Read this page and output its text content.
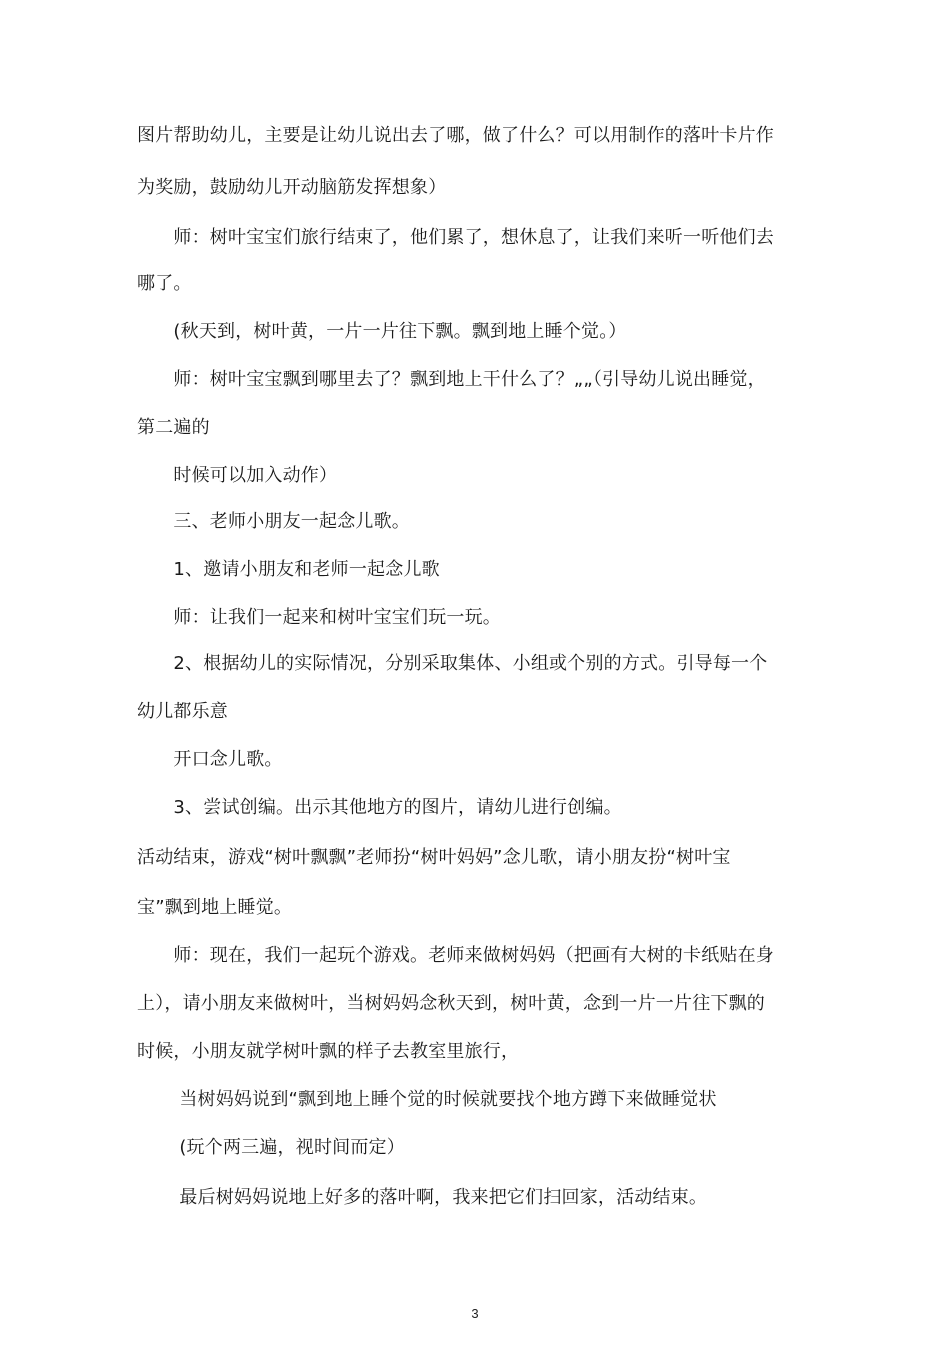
图片帮助幼儿，主要是让幼儿说出去了哪，做了什么？可以用制作的落叶卡片作
为奖励，鼓励幼儿开动脑筋发挥想象）
　　师：树叶宝宝们旅行结束了，他们累了，想休息了，让我们来听一听他们去
哪了。
　　(秋天到，树叶黄，一片一片往下飘。飘到地上睡个觉。）
　　师：树叶宝宝飘到哪里去了？飘到地上干什么了？„„（引导幼儿说出睡觉，
第二遍的
　　时候可以加入动作）
　　三、老师小朋友一起念儿歌。
　　1、邀请小朋友和老师一起念儿歌
　　师：让我们一起来和树叶宝宝们玩一玩。
　　2、根据幼儿的实际情况，分别采取集体、小组或个别的方式。引导每一个
幼儿都乐意
　　开口念儿歌。
　　3、尝试创编。出示其他地方的图片，请幼儿进行创编。
活动结束，游戏“树叶飘飘”老师扮“树叶妈妈”念儿歌，请小朋友扮“树叶宝
宝”飘到地上睡觉。
　　师：现在，我们一起玩个游戏。老师来做树妈妈（把画有大树的卡纸贴在身
上），请小朋友来做树叶，当树妈妈念秋天到，树叶黄，念到一片一片往下飘的
时候，小朋友就学树叶飘的样子去教室里旅行，
　　 当树妈妈说到“飘到地上睡个觉的时候就要找个地方蹲下来做睡觉状
　　 (玩个两三遍，视时间而定）
　　 最后树妈妈说地上好多的落叶啊，我来把它们扫回家，活动结束。
3
